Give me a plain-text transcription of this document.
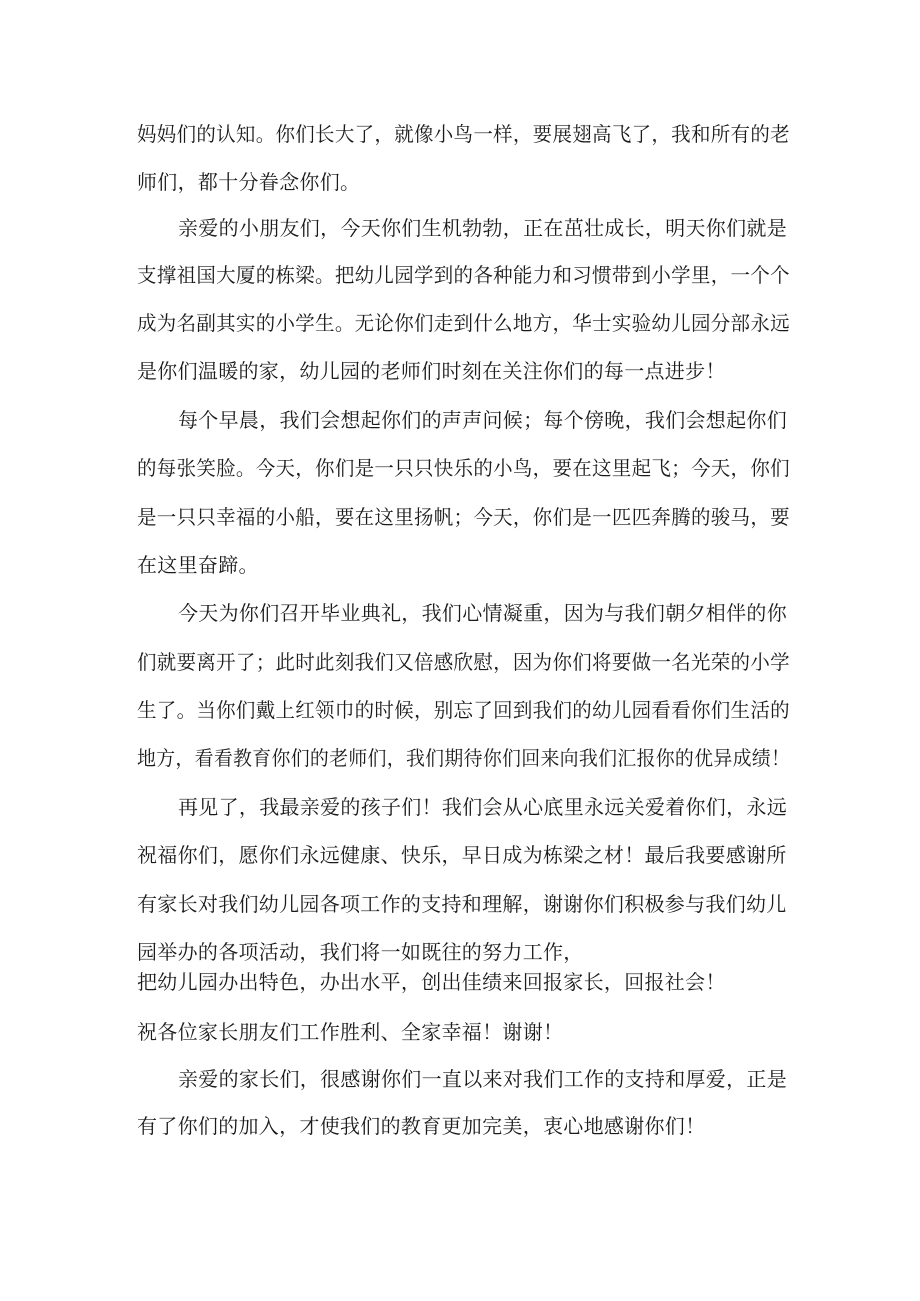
妈妈们的认知。你们长大了，就像小鸟一样，要展翅高飞了，我和所有的老
师们，都十分眷念你们。
亲爱的小朋友们，今天你们生机勃勃，正在茁壮成长，明天你们就是
支撑祖国大厦的栋梁。把幼儿园学到的各种能力和习惯带到小学里，一个个
成为名副其实的小学生。无论你们走到什么地方，华士实验幼儿园分部永远
是你们温暖的家，幼儿园的老师们时刻在关注你们的每一点进步！
每个早晨，我们会想起你们的声声问候；每个傍晚，我们会想起你们
的每张笑脸。今天，你们是一只只快乐的小鸟，要在这里起飞；今天，你们
是一只只幸福的小船，要在这里扬帆；今天，你们是一匹匹奔腾的骏马，要
在这里奋蹄。
今天为你们召开毕业典礼，我们心情凝重，因为与我们朝夕相伴的你
们就要离开了；此时此刻我们又倍感欣慰，因为你们将要做一名光荣的小学
生了。当你们戴上红领巾的时候，别忘了回到我们的幼儿园看看你们生活的
地方，看看教育你们的老师们，我们期待你们回来向我们汇报你的优异成绩！
再见了，我最亲爱的孩子们！我们会从心底里永远关爱着你们，永远
祝福你们，愿你们永远健康、快乐，早日成为栋梁之材！最后我要感谢所
有家长对我们幼儿园各项工作的支持和理解，谢谢你们积极参与我们幼儿
园举办的各项活动，我们将一如既往的努力工作，
把幼儿园办出特色，办出水平，创出佳绩来回报家长，回报社会！
祝各位家长朋友们工作胜利、全家幸福！谢谢！
亲爱的家长们，很感谢你们一直以来对我们工作的支持和厚爱，正是
有了你们的加入，才使我们的教育更加完美，衷心地感谢你们！
